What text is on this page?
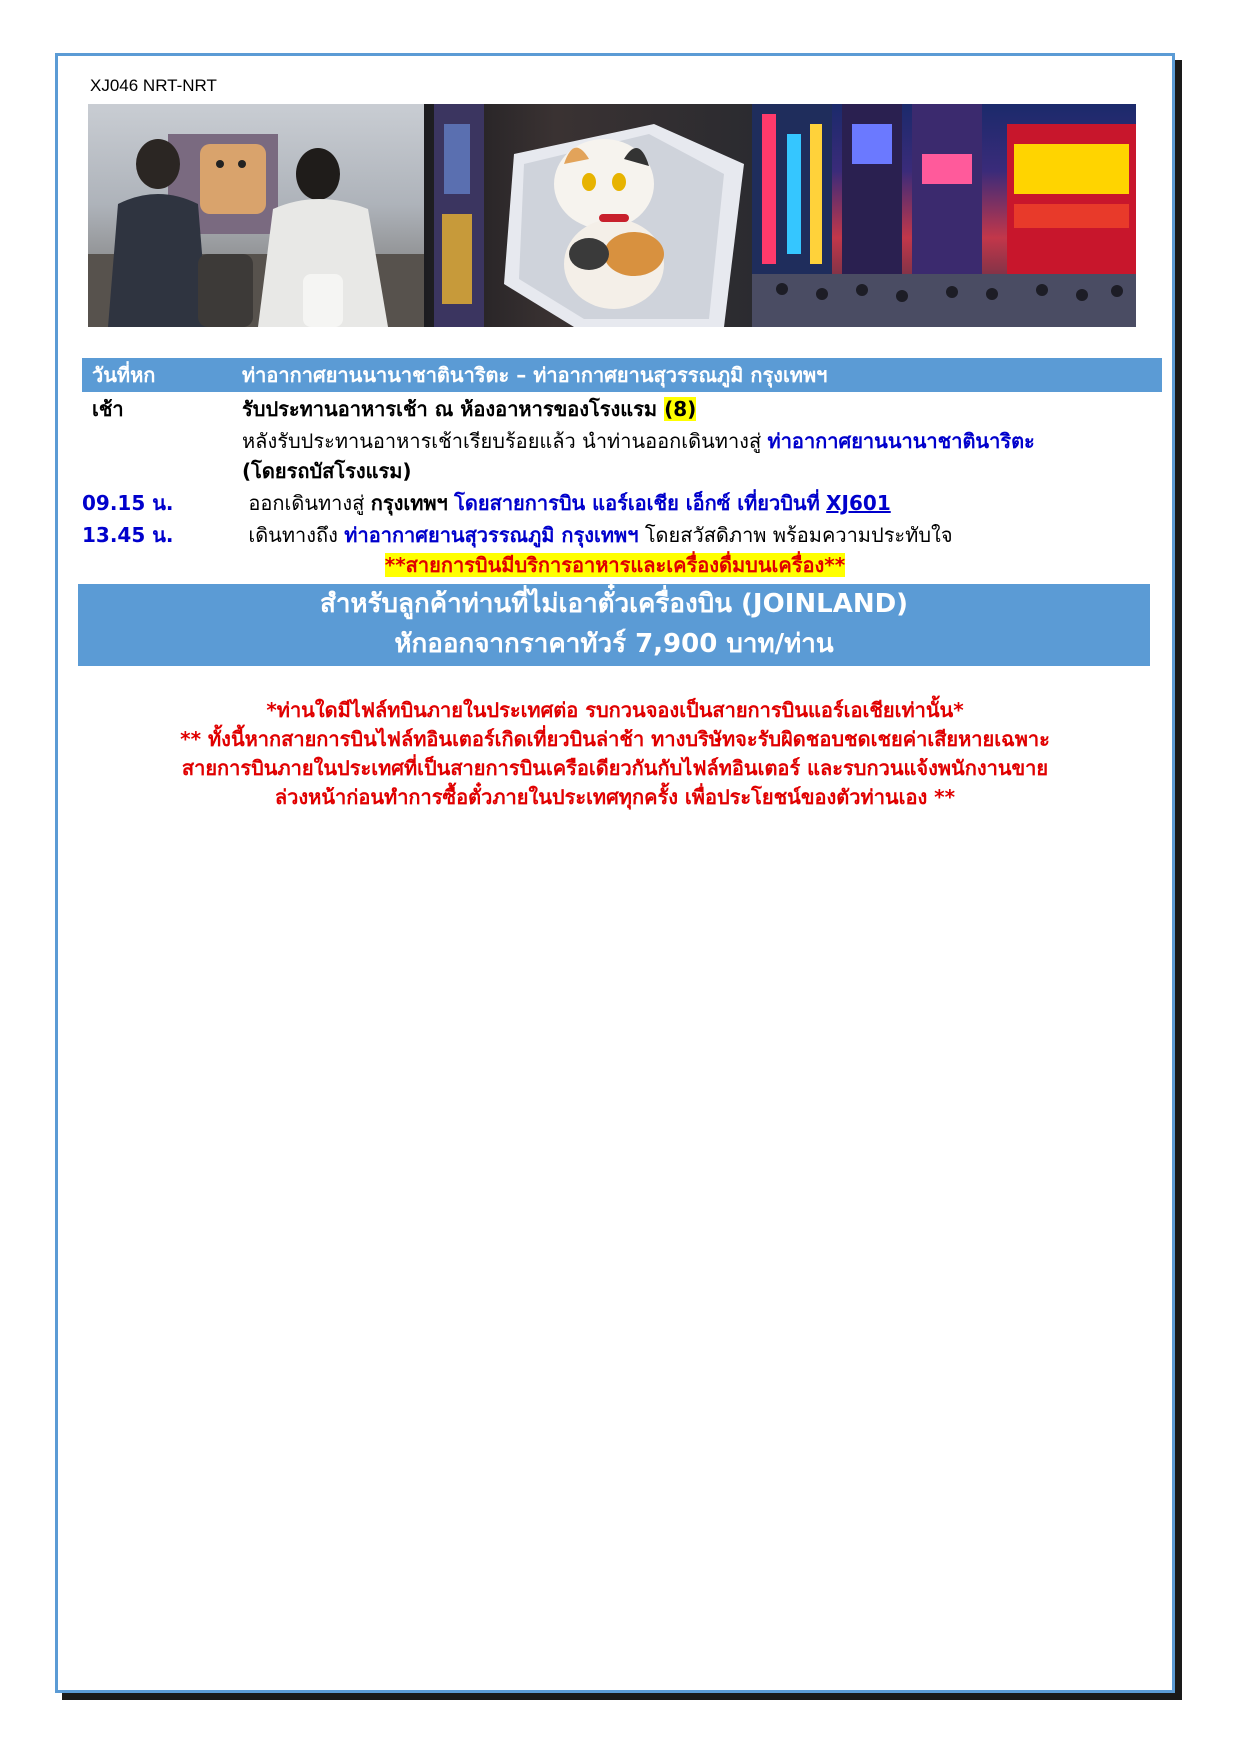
XJ046 NRT-NRT
วันที่หก	ท่าอากาศยานนานาชาตินาริตะ – ท่าอากาศยานสุวรรณภูมิ กรุงเทพฯ
เช้า	รับประทานอาหารเช้า ณ ห้องอาหารของโรงแรม (8)
หลังรับประทานอาหารเช้าเรียบร้อยแล้ว นำท่านออกเดินทางสู่ ท่าอากาศยานนานาชาตินาริตะ
(โดยรถบัสโรงแรม)
09.15 น.	ออกเดินทางสู่ กรุงเทพฯ โดยสายการบิน แอร์เอเชีย เอ็กซ์ เที่ยวบินที่ XJ601
13.45 น.	เดินทางถึง ท่าอากาศยานสุวรรณภูมิ กรุงเทพฯ โดยสวัสดิภาพ พร้อมความประทับใจ
**สายการบินมีบริการอาหารและเครื่องดื่มบนเครื่อง**
สำหรับลูกค้าท่านที่ไม่เอาตั๋วเครื่องบิน (JOINLAND)
หักออกจากราคาทัวร์ 7,900 บาท/ท่าน
*ท่านใดมีไฟล์ทบินภายในประเทศต่อ รบกวนจองเป็นสายการบินแอร์เอเชียเท่านั้น*
** ทั้งนี้หากสายการบินไฟล์ทอินเตอร์เกิดเที่ยวบินล่าช้า ทางบริษัทจะรับผิดชอบชดเชยค่าเสียหายเฉพาะ
สายการบินภายในประเทศที่เป็นสายการบินเครือเดียวกันกับไฟล์ทอินเตอร์ และรบกวนแจ้งพนักงานขาย
ล่วงหน้าก่อนทำการซื้อตั๋วภายในประเทศทุกครั้ง เพื่อประโยชน์ของตัวท่านเอง **
